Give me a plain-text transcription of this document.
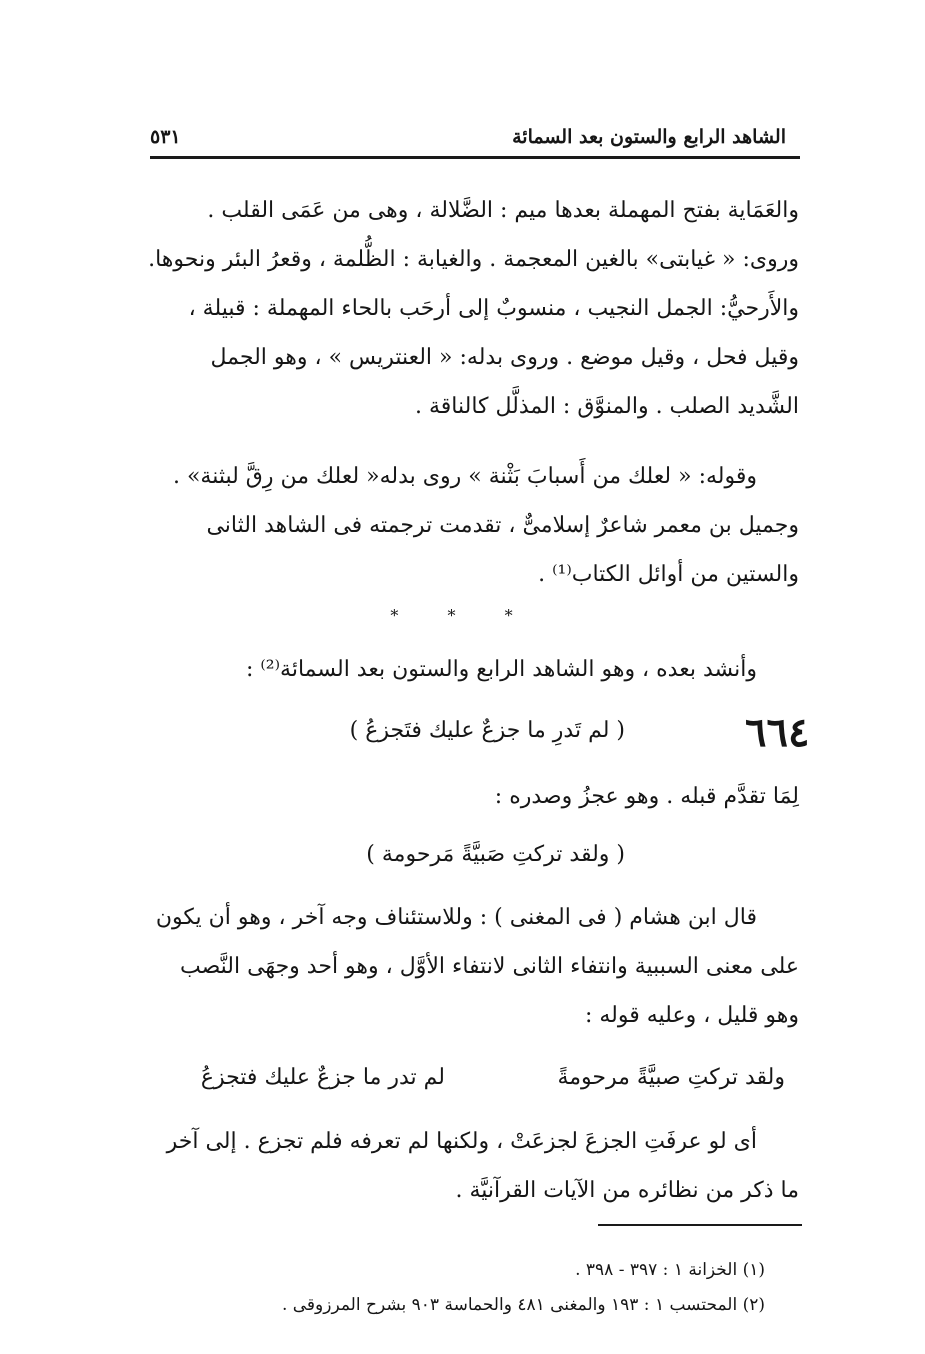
الشاهد الرابع والستون بعد السمائة
٥٣١
والعَمَاية بفتح المهملة بعدها ميم : الضَّلالة ، وهى من عَمَى القلب .
وروى: « غيابتى» بالغين المعجمة . والغيابة : الظُّلمة ، وقعرُ البئر ونحوها.
والأَرحيُّ: الجمل النجيب ، منسوبٌ إلى أرحَب بالحاء المهملة : قبيلة ،
وقيل فحل ، وقيل موضع . وروى بدله: « العنتريس » ، وهو الجمل
الشَّديد الصلب . والمنوَّق : المذلَّل كالناقة .
وقوله: « لعلك من أَسبابَ بَثْنة » روى بدله« لعلك من رِقَّ لبثنة» .
وجميل بن معمر شاعرٌ إسلامىٌّ ، تقدمت ترجمته فى الشاهد الثانى
والستين من أوائل الكتاب⁽¹⁾ .
* * *
وأنشد بعده ، وهو الشاهد الرابع والستون بعد السمائة⁽²⁾ :
٦٦٤
( لم تَدرِ ما جزعٌ عليك فتَجزعُ )
لِمَا تقدَّم قبله . وهو عجزُ وصدره :
( ولقد تركتِ صَبيَّةً مَرحومة )
قال ابن هشام ( فى المغنى ) : وللاستئناف وجه آخر ، وهو أن يكون
على معنى السببية وانتفاء الثانى لانتفاء الأوَّل ، وهو أحد وجهَى النَّصب
وهو قليل ، وعليه قوله :
ولقد تركتِ صبيَّةً مرحومةً
لم تدر ما جزعٌ عليك فتجزعُ
أى لو عرفَتِ الجزعَ لجزعَتْ ، ولكنها لم تعرفه فلم تجزع . إلى آخر
ما ذكر من نظائره من الآيات القرآنيَّة .
(١) الخزانة ١ : ٣٩٧ - ٣٩٨ .
(٢) المحتسب ١ : ١٩٣ والمغنى ٤٨١ والحماسة ٩٠٣ بشرح المرزوقى .
